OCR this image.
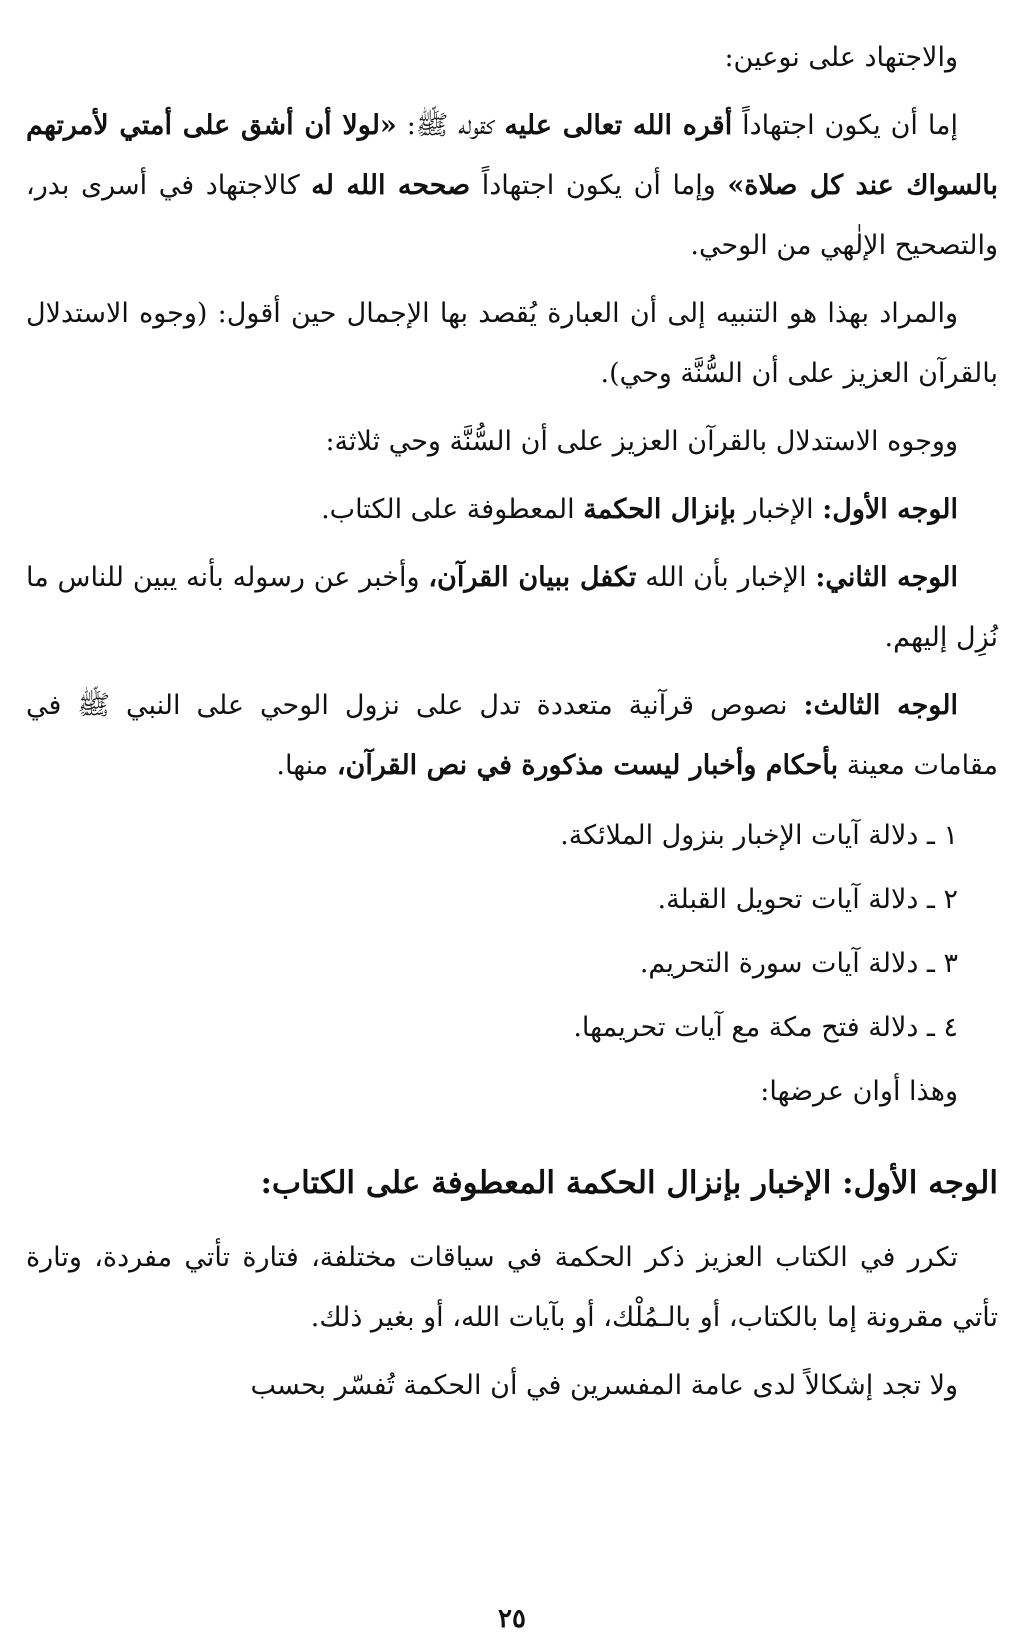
والاجتهاد على نوعين:

إما أن يكون اجتهاداً أقره الله تعالى عليه كقوله ﷺ: «لولا أن أشق على أمتي لأمرتهم بالسواك عند كل صلاة» وإما أن يكون اجتهاداً صححه الله له كالاجتهاد في أسرى بدر، والتصحيح الإلٰهي من الوحي.

والمراد بهذا هو التنبيه إلى أن العبارة يُقصد بها الإجمال حين أقول: (وجوه الاستدلال بالقرآن العزيز على أن السُّنَّة وحي).

ووجوه الاستدلال بالقرآن العزيز على أن السُّنَّة وحي ثلاثة:

الوجه الأول: الإخبار بإنزال الحكمة المعطوفة على الكتاب.

الوجه الثاني: الإخبار بأن الله تكفل ببيان القرآن، وأخبر عن رسوله بأنه يبين للناس ما نُزِل إليهم.

الوجه الثالث: نصوص قرآنية متعددة تدل على نزول الوحي على النبي ﷺ في مقامات معينة بأحكام وأخبار ليست مذكورة في نص القرآن، منها.

١ ـ دلالة آيات الإخبار بنزول الملائكة.
٢ ـ دلالة آيات تحويل القبلة.
٣ ـ دلالة آيات سورة التحريم.
٤ ـ دلالة فتح مكة مع آيات تحريمها.
وهذا أوان عرضها:
الوجه الأول: الإخبار بإنزال الحكمة المعطوفة على الكتاب:

تكرر في الكتاب العزيز ذكر الحكمة في سياقات مختلفة، فتارة تأتي مفردة، وتارة تأتي مقرونة إما بالكتاب، أو بالـمُلْك، أو بآيات الله، أو بغير ذلك.

ولا تجد إشكالاً لدى عامة المفسرين في أن الحكمة تُفسّر بحسب

٢٥
